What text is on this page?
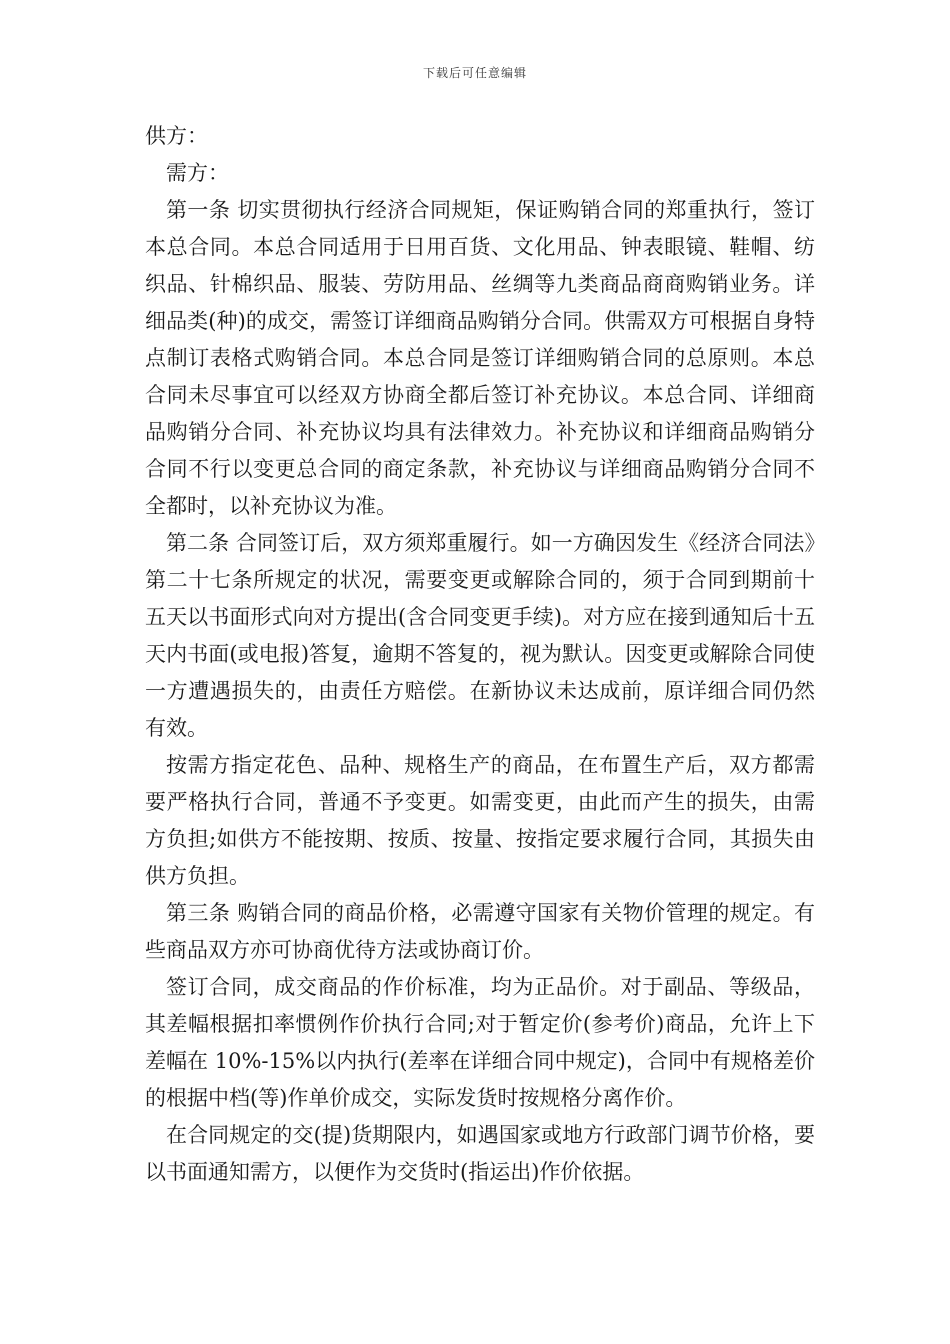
下载后可任意编辑

供方：

需方：

第一条 切实贯彻执行经济合同规矩，保证购销合同的郑重执行，签订本总合同。本总合同适用于日用百货、文化用品、钟表眼镜、鞋帽、纺织品、针棉织品、服装、劳防用品、丝绸等九类商品商商购销业务。详细品类(种)的成交，需签订详细商品购销分合同。供需双方可根据自身特点制订表格式购销合同。本总合同是签订详细购销合同的总原则。本总合同未尽事宜可以经双方协商全都后签订补充协议。本总合同、详细商品购销分合同、补充协议均具有法律效力。补充协议和详细商品购销分合同不行以变更总合同的商定条款，补充协议与详细商品购销分合同不全都时，以补充协议为准。

第二条 合同签订后，双方须郑重履行。如一方确因发生《经济合同法》第二十七条所规定的状况，需要变更或解除合同的，须于合同到期前十五天以书面形式向对方提出(含合同变更手续)。对方应在接到通知后十五天内书面(或电报)答复，逾期不答复的，视为默认。因变更或解除合同使一方遭遇损失的，由责任方赔偿。在新协议未达成前，原详细合同仍然有效。

按需方指定花色、品种、规格生产的商品，在布置生产后，双方都需要严格执行合同，普通不予变更。如需变更，由此而产生的损失，由需方负担;如供方不能按期、按质、按量、按指定要求履行合同，其损失由供方负担。

第三条 购销合同的商品价格，必需遵守国家有关物价管理的规定。有些商品双方亦可协商优待方法或协商订价。

签订合同，成交商品的作价标准，均为正品价。对于副品、等级品，其差幅根据扣率惯例作价执行合同;对于暂定价(参考价)商品，允许上下差幅在 10%-15%以内执行(差率在详细合同中规定)，合同中有规格差价的根据中档(等)作单价成交，实际发货时按规格分离作价。

在合同规定的交(提)货期限内，如遇国家或地方行政部门调节价格，要以书面通知需方，以便作为交货时(指运出)作价依据。
